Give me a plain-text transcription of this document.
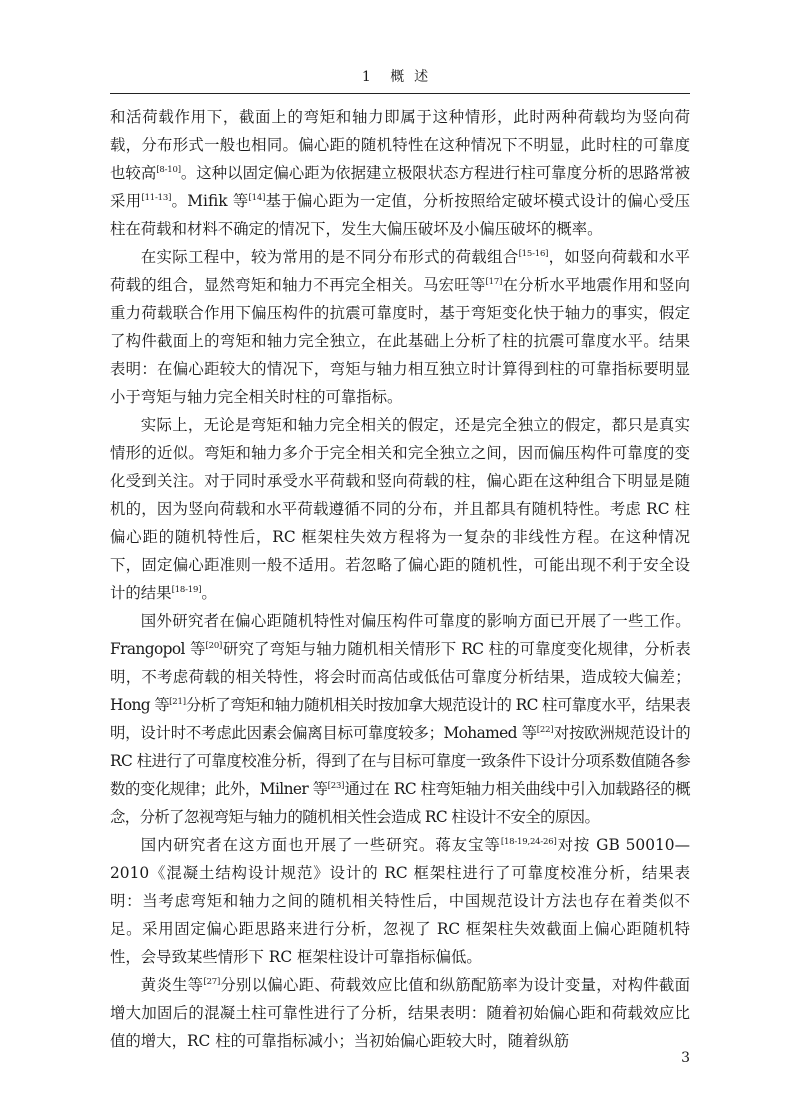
1 概述

和活荷载作用下，截面上的弯矩和轴力即属于这种情形，此时两种荷载均为竖向荷载，分布形式一般也相同。偏心距的随机特性在这种情况下不明显，此时柱的可靠度也较高[8-10]。这种以固定偏心距为依据建立极限状态方程进行柱可靠度分析的思路常被采用[11-13]。Mifik 等[14]基于偏心距为一定值，分析按照给定破坏模式设计的偏心受压柱在荷载和材料不确定的情况下，发生大偏压破坏及小偏压破坏的概率。

在实际工程中，较为常用的是不同分布形式的荷载组合[15-16]，如竖向荷载和水平荷载的组合，显然弯矩和轴力不再完全相关。马宏旺等[17]在分析水平地震作用和竖向重力荷载联合作用下偏压构件的抗震可靠度时，基于弯矩变化快于轴力的事实，假定了构件截面上的弯矩和轴力完全独立，在此基础上分析了柱的抗震可靠度水平。结果表明：在偏心距较大的情况下，弯矩与轴力相互独立时计算得到柱的可靠指标要明显小于弯矩与轴力完全相关时柱的可靠指标。

实际上，无论是弯矩和轴力完全相关的假定，还是完全独立的假定，都只是真实情形的近似。弯矩和轴力多介于完全相关和完全独立之间，因而偏压构件可靠度的变化受到关注。对于同时承受水平荷载和竖向荷载的柱，偏心距在这种组合下明显是随机的，因为竖向荷载和水平荷载遵循不同的分布，并且都具有随机特性。考虑 RC 柱偏心距的随机特性后，RC 框架柱失效方程将为一复杂的非线性方程。在这种情况下，固定偏心距准则一般不适用。若忽略了偏心距的随机性，可能出现不利于安全设计的结果[18-19]。

国外研究者在偏心距随机特性对偏压构件可靠度的影响方面已开展了一些工作。Frangopol 等[20]研究了弯矩与轴力随机相关情形下 RC 柱的可靠度变化规律，分析表明，不考虑荷载的相关特性，将会时而高估或低估可靠度分析结果，造成较大偏差；Hong 等[21]分析了弯矩和轴力随机相关时按加拿大规范设计的 RC 柱可靠度水平，结果表明，设计时不考虑此因素会偏离目标可靠度较多；Mohamed 等[22]对按欧洲规范设计的 RC 柱进行了可靠度校准分析，得到了在与目标可靠度一致条件下设计分项系数值随各参数的变化规律；此外，Milner 等[23]通过在 RC 柱弯矩轴力相关曲线中引入加载路径的概念，分析了忽视弯矩与轴力的随机相关性会造成 RC 柱设计不安全的原因。

国内研究者在这方面也开展了一些研究。蒋友宝等[18-19,24-26]对按 GB 50010—2010《混凝土结构设计规范》设计的 RC 框架柱进行了可靠度校准分析，结果表明：当考虑弯矩和轴力之间的随机相关特性后，中国规范设计方法也存在着类似不足。采用固定偏心距思路来进行分析，忽视了 RC 框架柱失效截面上偏心距随机特性，会导致某些情形下 RC 框架柱设计可靠指标偏低。

黄炎生等[27]分别以偏心距、荷载效应比值和纵筋配筋率为设计变量，对构件截面增大加固后的混凝土柱可靠性进行了分析，结果表明：随着初始偏心距和荷载效应比值的增大，RC 柱的可靠指标减小；当初始偏心距较大时，随着纵筋

3
